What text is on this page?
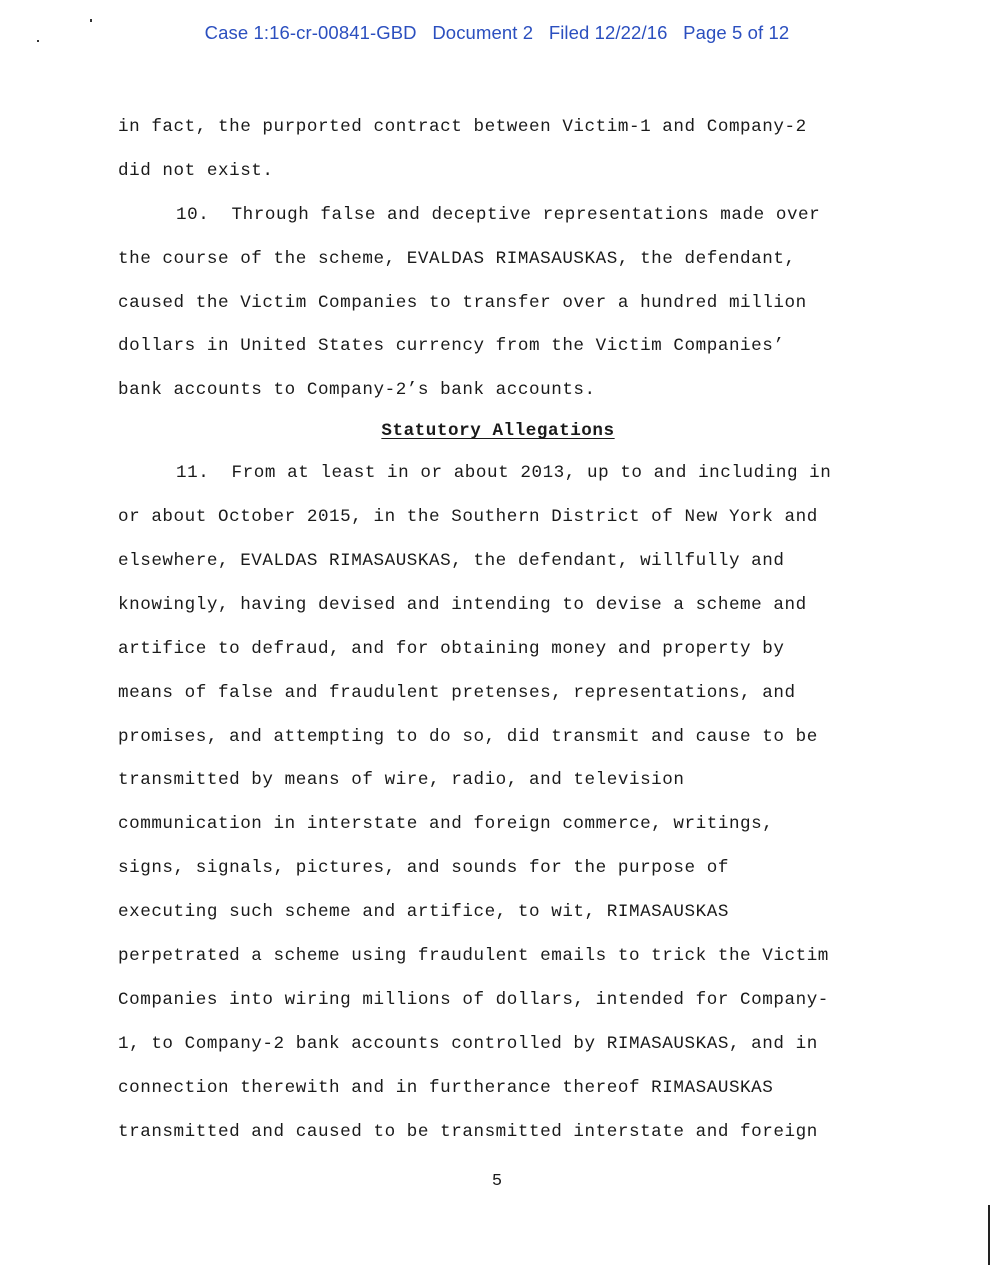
Case 1:16-cr-00841-GBD   Document 2   Filed 12/22/16   Page 5 of 12
in fact, the purported contract between Victim-1 and Company-2
did not exist.
10.  Through false and deceptive representations made over
the course of the scheme, EVALDAS RIMASAUSKAS, the defendant,
caused the Victim Companies to transfer over a hundred million
dollars in United States currency from the Victim Companies’
bank accounts to Company-2’s bank accounts.
Statutory Allegations
11.  From at least in or about 2013, up to and including in
or about October 2015, in the Southern District of New York and
elsewhere, EVALDAS RIMASAUSKAS, the defendant, willfully and
knowingly, having devised and intending to devise a scheme and
artifice to defraud, and for obtaining money and property by
means of false and fraudulent pretenses, representations, and
promises, and attempting to do so, did transmit and cause to be
transmitted by means of wire, radio, and television
communication in interstate and foreign commerce, writings,
signs, signals, pictures, and sounds for the purpose of
executing such scheme and artifice, to wit, RIMASAUSKAS
perpetrated a scheme using fraudulent emails to trick the Victim
Companies into wiring millions of dollars, intended for Company-
1, to Company-2 bank accounts controlled by RIMASAUSKAS, and in
connection therewith and in furtherance thereof RIMASAUSKAS
transmitted and caused to be transmitted interstate and foreign
5
